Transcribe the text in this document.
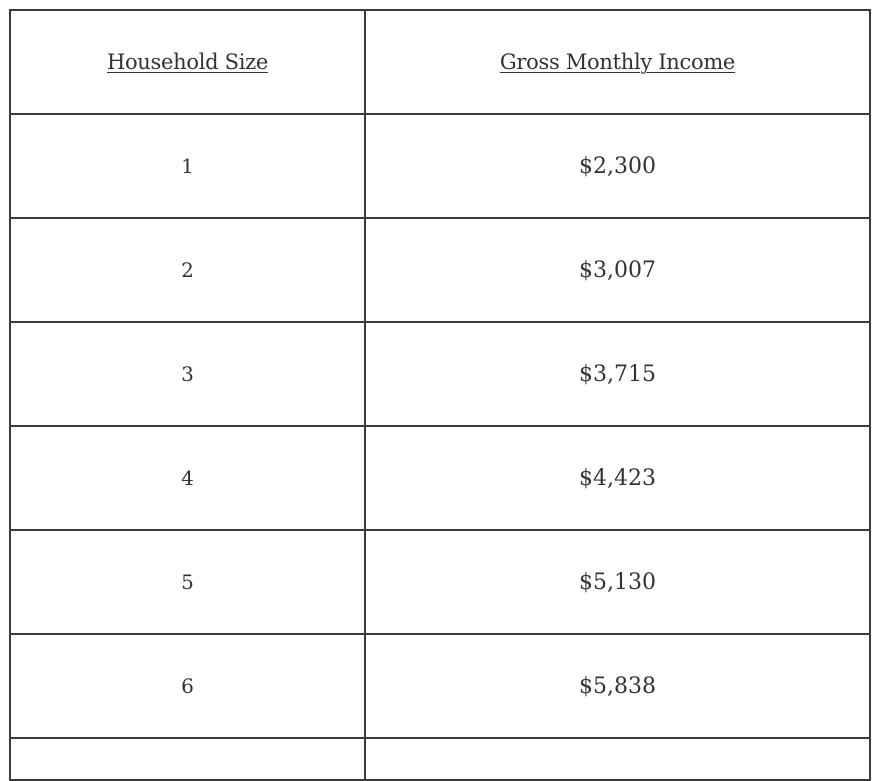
Household Size	Gross Monthly Income
1	$2,300
2	$3,007
3	$3,715
4	$4,423
5	$5,130
6	$5,838
